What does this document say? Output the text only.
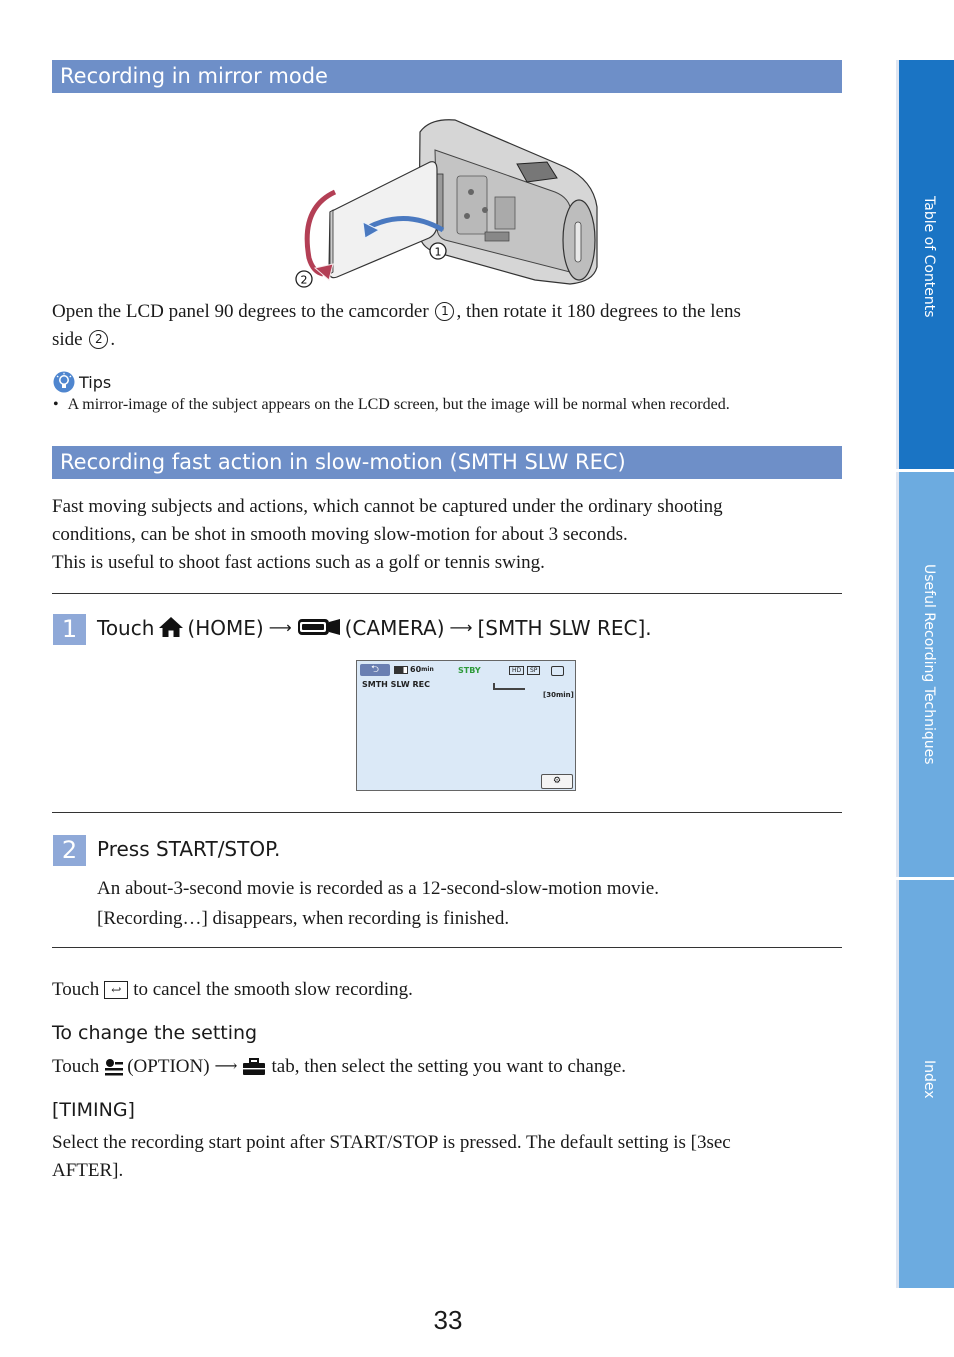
Recording in mirror mode
1
2
Open the LCD panel 90 degrees to the camcorder 1 , then rotate it 180 degrees to the lens
side 2 .
Tips
• A mirror-image of the subject appears on the LCD screen, but the image will be normal when recorded.
Recording fast action in slow-motion (SMTH SLW REC)
Fast moving subjects and actions, which cannot be captured under the ordinary shooting
conditions, can be shot in smooth moving slow-motion for about 3 seconds.
This is useful to shoot fast actions such as a golf or tennis swing.
1 Touch (HOME) ⟶	(CAMERA) ⟶ [SMTH SLW REC].
⮌	60 min	STBY	HD	SP
SMTH SLW REC
[30min]
⚙
2 Press START/STOP.
An about-3-second movie is recorded as a 12-second-slow-motion movie.
[Recording…] disappears, when recording is finished.
Touch ↩ to cancel the smooth slow recording.
To change the setting
Touch (OPTION) ⟶ tab, then select the setting you want to change.
[TIMING]
Select the recording start point after START/STOP is pressed. The default setting is [3sec
AFTER].
33
Table of Contents
Useful Recording Techniques
Index
